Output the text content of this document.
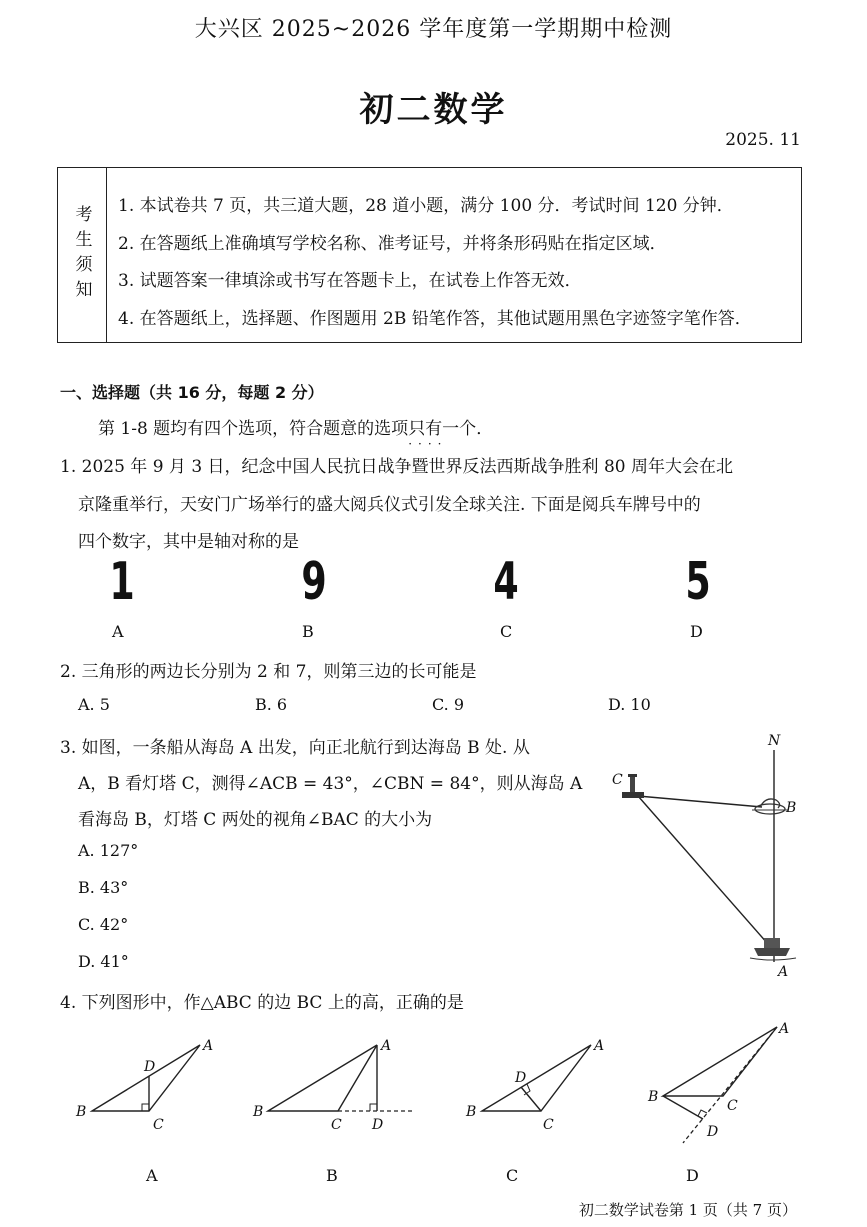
大兴区 2025~2026 学年度第一学期期中检测
初二数学
2025. 11
考生须知 1. 本试卷共 7 页，共三道大题，28 道小题，满分 100 分．考试时间 120 分钟．
2. 在答题纸上准确填写学校名称、准考证号，并将条形码贴在指定区域．
3. 试题答案一律填涂或书写在答题卡上，在试卷上作答无效．
4. 在答题纸上，选择题、作图题用 2B 铅笔作答，其他试题用黑色字迹签字笔作答．
一、选择题（共 16 分，每题 2 分）
第 1-8 题均有四个选项，符合题意的选项只有一个
····
．
1. 2025 年 9 月 3 日，纪念中国人民抗日战争暨世界反法西斯战争胜利 80 周年大会在北
京隆重举行，天安门广场举行的盛大阅兵仪式引发全球关注. 下面是阅兵车牌号中的
四个数字，其中是轴对称的是
1	9	4	5
A	B	C	D
2. 三角形的两边长分别为 2 和 7，则第三边的长可能是
A. 5	B. 6	C. 9	D. 10
3. 如图，一条船从海岛 A 出发，向正北航行到达海岛 B 处. 从
A，B 看灯塔 C，测得∠ACB = 43°，∠CBN = 84°，则从海岛 A
看海岛 B，灯塔 C 两处的视角∠BAC 的大小为
A. 127°
B. 43°
C. 42°
D. 41°
N
B
C
A
4. 下列图形中，作△ABC 的边 BC 上的高，正确的是
A
B
C
D
A
B
C D
A
B
C
D
A
B
C
D
A	B	C	D
初二数学试卷第 1 页（共 7 页）
